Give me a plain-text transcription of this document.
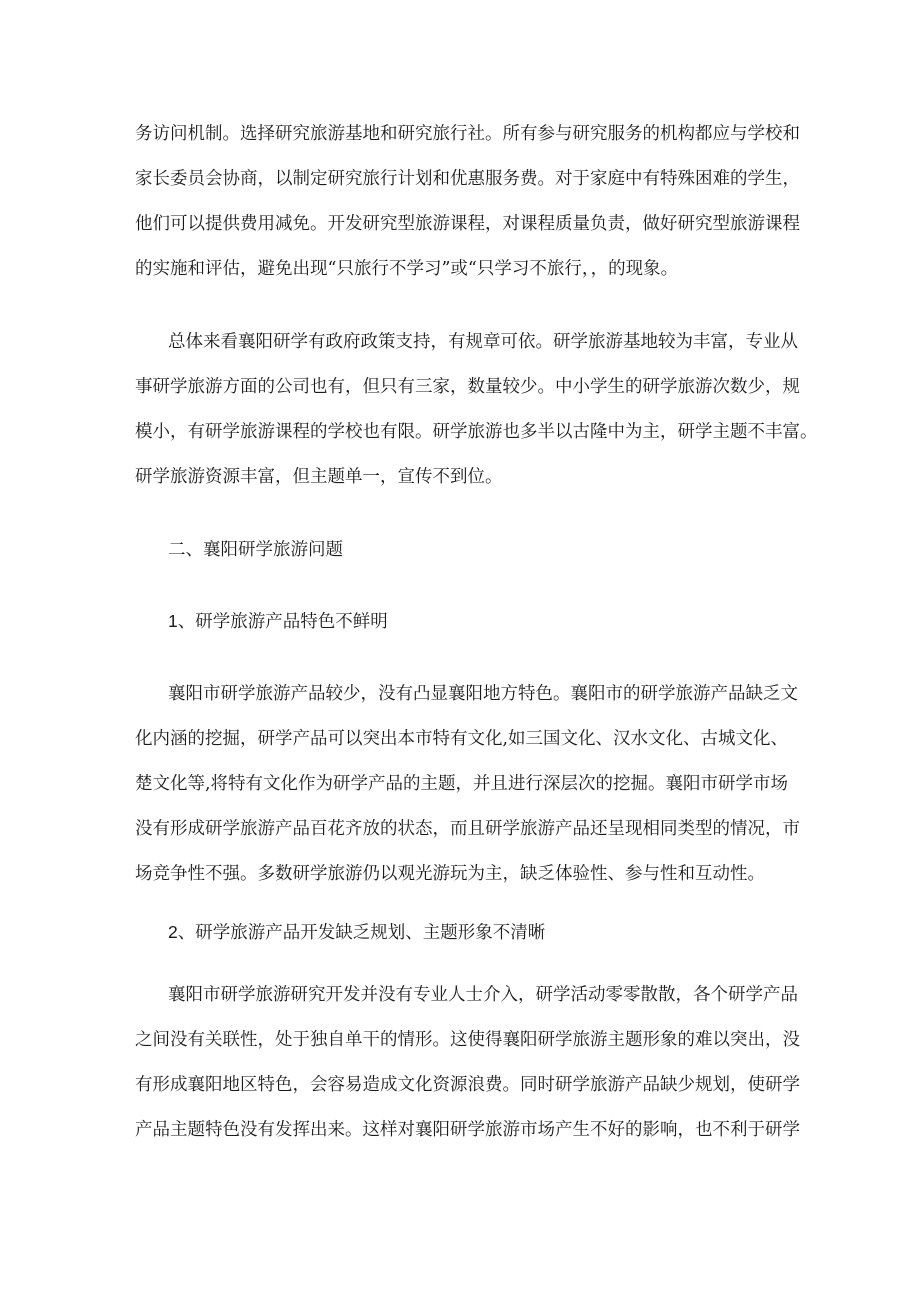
务访问机制。选择研究旅游基地和研究旅行社。所有参与研究服务的机构都应与学校和
家长委员会协商，以制定研究旅行计划和优惠服务费。对于家庭中有特殊困难的学生，
他们可以提供费用减免。开发研究型旅游课程，对课程质量负责，做好研究型旅游课程
的实施和评估，避免出现“只旅行不学习”或“只学习不旅行，，的现象。
总体来看襄阳研学有政府政策支持，有规章可依。研学旅游基地较为丰富，专业从
事研学旅游方面的公司也有，但只有三家，数量较少。中小学生的研学旅游次数少，规
模小，有研学旅游课程的学校也有限。研学旅游也多半以古隆中为主，研学主题不丰富。
研学旅游资源丰富，但主题单一，宣传不到位。
二、襄阳研学旅游问题
1、研学旅游产品特色不鲜明
襄阳市研学旅游产品较少，没有凸显襄阳地方特色。襄阳市的研学旅游产品缺乏文
化内涵的挖掘，研学产品可以突出本市特有文化,如三国文化、汉水文化、古城文化、
楚文化等,将特有文化作为研学产品的主题，并且进行深层次的挖掘。襄阳市研学市场
没有形成研学旅游产品百花齐放的状态，而且研学旅游产品还呈现相同类型的情况，市
场竞争性不强。多数研学旅游仍以观光游玩为主，缺乏体验性、参与性和互动性。
2、研学旅游产品开发缺乏规划、主题形象不清晰
襄阳市研学旅游研究开发并没有专业人士介入，研学活动零零散散，各个研学产品
之间没有关联性，处于独自单干的情形。这使得襄阳研学旅游主题形象的难以突出，没
有形成襄阳地区特色，会容易造成文化资源浪费。同时研学旅游产品缺少规划，使研学
产品主题特色没有发挥出来。这样对襄阳研学旅游市场产生不好的影响，也不利于研学
